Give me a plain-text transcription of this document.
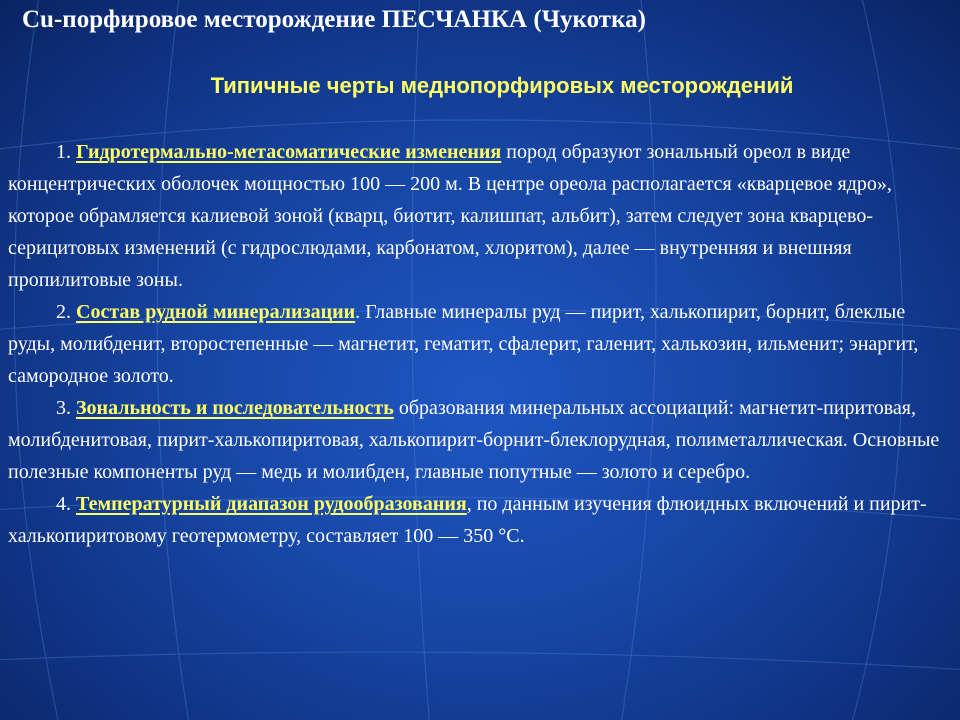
Cu-порфировое месторождение ПЕСЧАНКА (Чукотка)
Типичные черты меднопорфировых месторождений

1. Гидротермально-метасоматические изменения пород образуют зональный ореол в виде концентрических оболочек мощностью 100 — 200 м. В центре ореола располагается «кварцевое ядро», которое обрамляется калиевой зоной (кварц, биотит, калишпат, альбит), затем следует зона кварцево-серицитовых изменений (с гидрослюдами, карбонатом, хлоритом), далее — внутренняя и внешняя пропилитовые зоны.

2. Состав рудной минерализации. Главные минералы руд — пирит, халькопирит, борнит, блеклые руды, молибденит, второстепенные — магнетит, гематит, сфалерит, галенит, халькозин, ильменит; энаргит, самородное золото.

3. Зональность и последовательность образования минеральных ассоциаций: магнетит-пиритовая, молибденитовая, пирит-халькопиритовая, халькопирит-борнит-блеклорудная, полиметаллическая. Основные полезные компоненты руд — медь и молибден, главные попутные — золото и серебро.

4. Температурный диапазон рудообразования, по данным изучения флюидных включений и пирит-халькопиритовому геотермометру, составляет 100 — 350 °С.
